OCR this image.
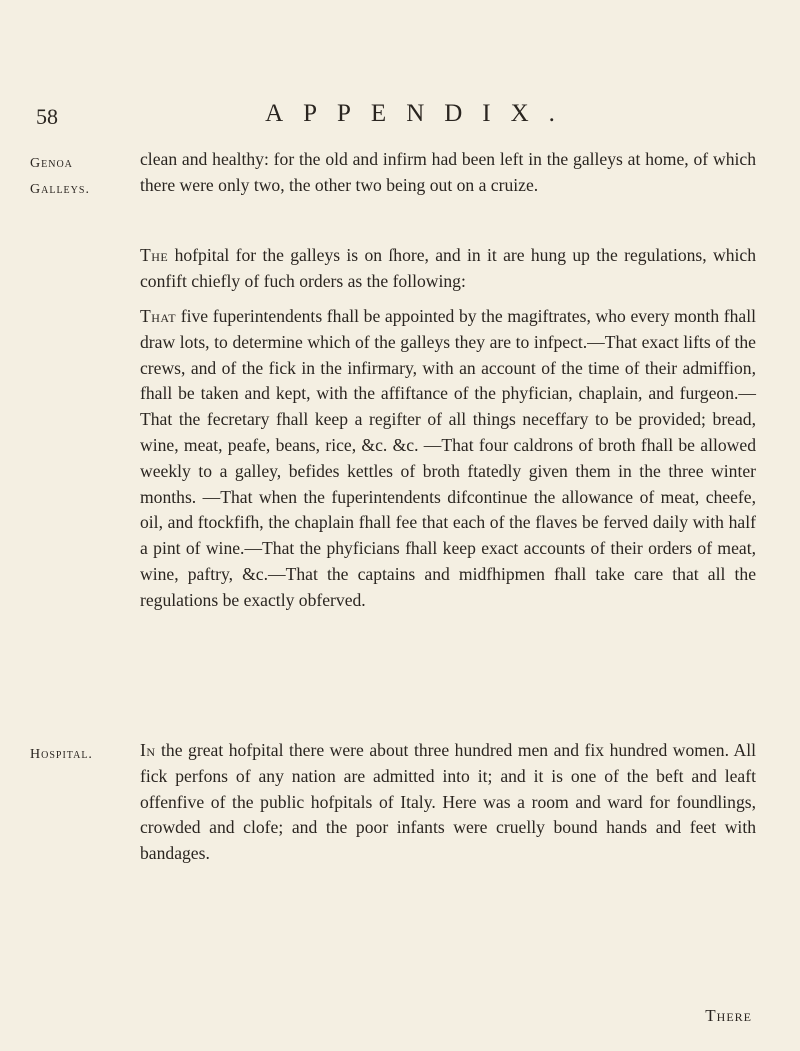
58	APPENDIX.
Genoa
Galleys.
clean and healthy: for the old and infirm had been left in the galleys at home, of which there were only two, the other two being out on a cruize.
The hofpital for the galleys is on ſhore, and in it are hung up the regulations, which confift chiefly of fuch orders as the following:
That five fuperintendents fhall be appointed by the magiftrates, who every month fhall draw lots, to determine which of the galleys they are to infpect.—That exact lifts of the crews, and of the fick in the infirmary, with an account of the time of their admiffion, fhall be taken and kept, with the affiftance of the phyfician, chaplain, and furgeon.—That the fecretary fhall keep a regifter of all things neceffary to be provided; bread, wine, meat, peafe, beans, rice, &c. &c. —That four caldrons of broth fhall be allowed weekly to a galley, befides kettles of broth ftatedly given them in the three winter months. —That when the fuperintendents difcontinue the allowance of meat, cheefe, oil, and ftockfifh, the chaplain fhall fee that each of the flaves be ferved daily with half a pint of wine.—That the phyficians fhall keep exact accounts of their orders of meat, wine, paftry, &c.—That the captains and midfhipmen fhall take care that all the regulations be exactly obferved.
Hospital.	In the great hofpital there were about three hundred men and fix hundred women. All fick perfons of any nation are admitted into it; and it is one of the beft and leaft offenfive of the public hofpitals of Italy. Here was a room and ward for foundlings, crowded and clofe; and the poor infants were cruelly bound hands and feet with bandages.
There
